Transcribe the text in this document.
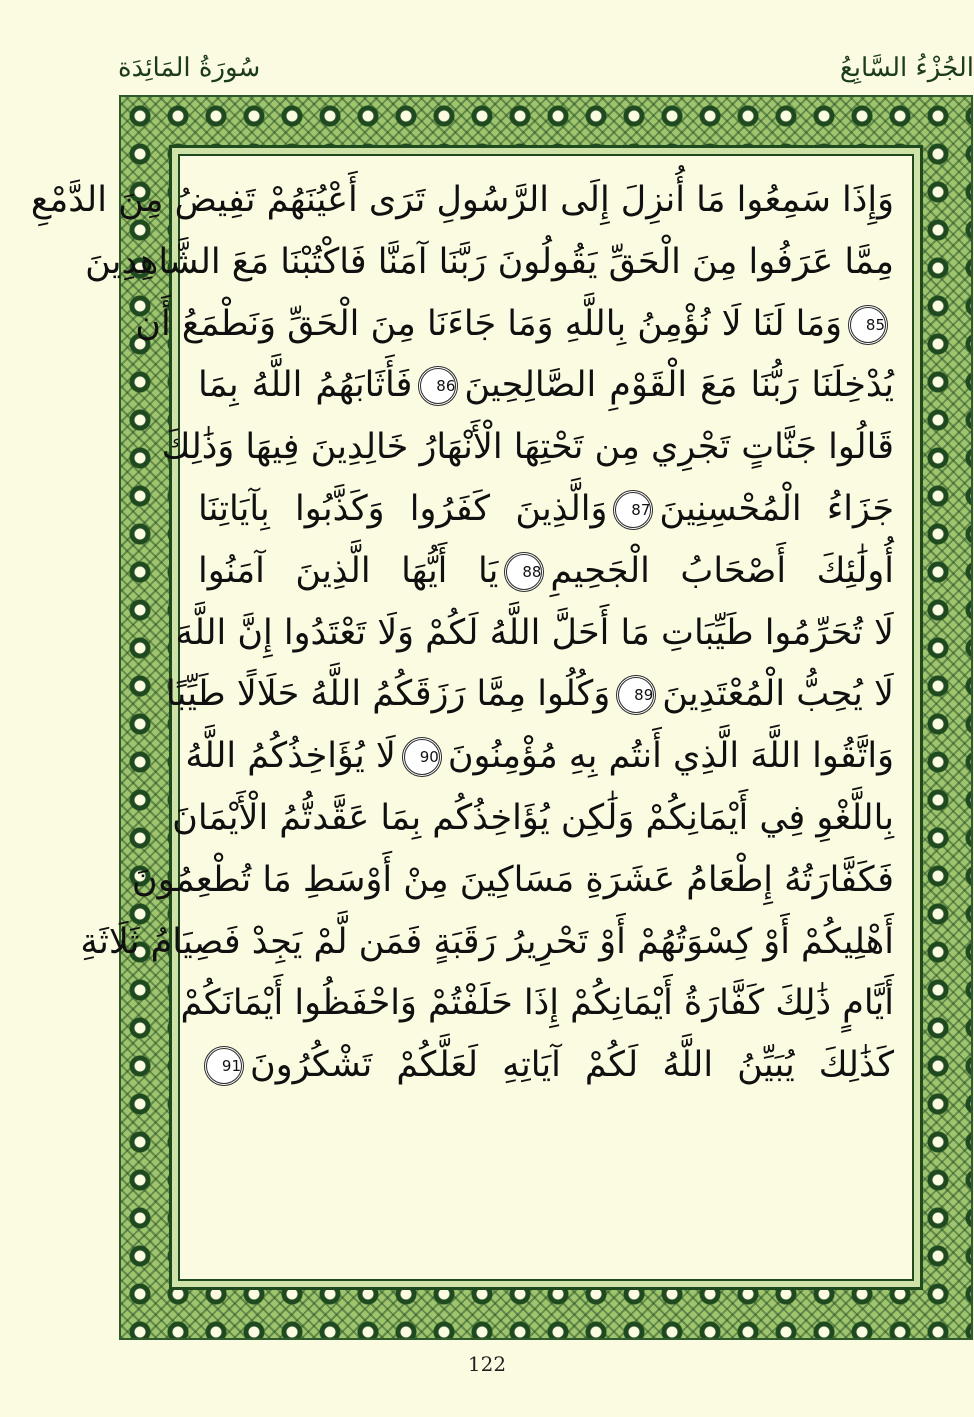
سُورَةُ المَائِدَة	الجُزْءُ السَّابِعُ
وَإِذَا سَمِعُوا مَا أُنزِلَ إِلَى الرَّسُولِ تَرَى أَعْيُنَهُمْ تَفِيضُ مِنَ الدَّمْعِ
مِمَّا عَرَفُوا مِنَ الْحَقِّ يَقُولُونَ رَبَّنَا آمَنَّا فَاكْتُبْنَا مَعَ الشَّاهِدِينَ
85وَمَا لَنَا لَا نُؤْمِنُ بِاللَّهِ وَمَا جَاءَنَا مِنَ الْحَقِّ وَنَطْمَعُ أَن
يُدْخِلَنَا رَبُّنَا مَعَ الْقَوْمِ الصَّالِحِينَ86فَأَثَابَهُمُ اللَّهُ بِمَا
قَالُوا جَنَّاتٍ تَجْرِي مِن تَحْتِهَا الْأَنْهَارُ خَالِدِينَ فِيهَا وَذَٰلِكَ
جَزَاءُ الْمُحْسِنِينَ87وَالَّذِينَ كَفَرُوا وَكَذَّبُوا بِآيَاتِنَا
أُولَٰئِكَ أَصْحَابُ الْجَحِيمِ88يَا أَيُّهَا الَّذِينَ آمَنُوا
لَا تُحَرِّمُوا طَيِّبَاتِ مَا أَحَلَّ اللَّهُ لَكُمْ وَلَا تَعْتَدُوا إِنَّ اللَّهَ
لَا يُحِبُّ الْمُعْتَدِينَ89وَكُلُوا مِمَّا رَزَقَكُمُ اللَّهُ حَلَالًا طَيِّبًا
وَاتَّقُوا اللَّهَ الَّذِي أَنتُم بِهِ مُؤْمِنُونَ90لَا يُؤَاخِذُكُمُ اللَّهُ
بِاللَّغْوِ فِي أَيْمَانِكُمْ وَلَٰكِن يُؤَاخِذُكُم بِمَا عَقَّدتُّمُ الْأَيْمَانَ
فَكَفَّارَتُهُ إِطْعَامُ عَشَرَةِ مَسَاكِينَ مِنْ أَوْسَطِ مَا تُطْعِمُونَ
أَهْلِيكُمْ أَوْ كِسْوَتُهُمْ أَوْ تَحْرِيرُ رَقَبَةٍ فَمَن لَّمْ يَجِدْ فَصِيَامُ ثَلَاثَةِ
أَيَّامٍ ذَٰلِكَ كَفَّارَةُ أَيْمَانِكُمْ إِذَا حَلَفْتُمْ وَاحْفَظُوا أَيْمَانَكُمْ
كَذَٰلِكَ يُبَيِّنُ اللَّهُ لَكُمْ آيَاتِهِ لَعَلَّكُمْ تَشْكُرُونَ91
122
